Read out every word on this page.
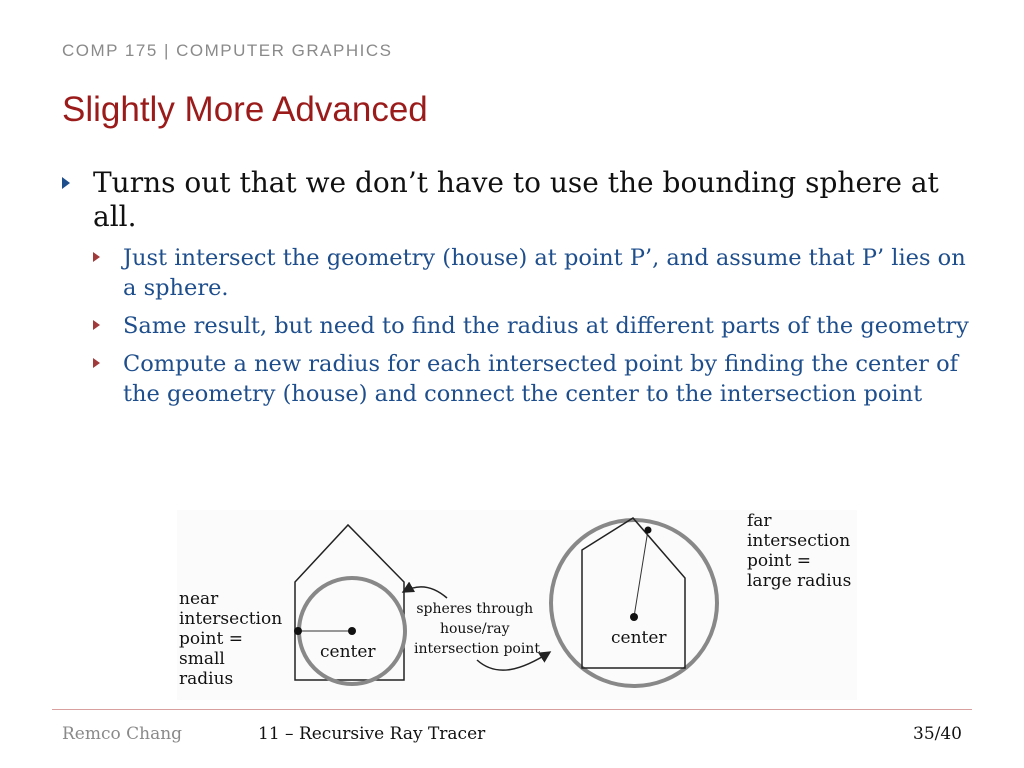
COMP 175 | COMPUTER GRAPHICS
Slightly More Advanced
Turns out that we don’t have to use the bounding sphere at all.
Just intersect the geometry (house) at point P’, and assume that P’ lies on a sphere.
Same result, but need to find the radius at different parts of the geometry
Compute a new radius for each intersected point by finding the center of the geometry (house) and connect the center to the intersection point
center
near intersection point = small radius
spheres through house/ray intersection point
center
far intersection point = large radius
Remco Chang	11 – Recursive Ray Tracer	35/40
